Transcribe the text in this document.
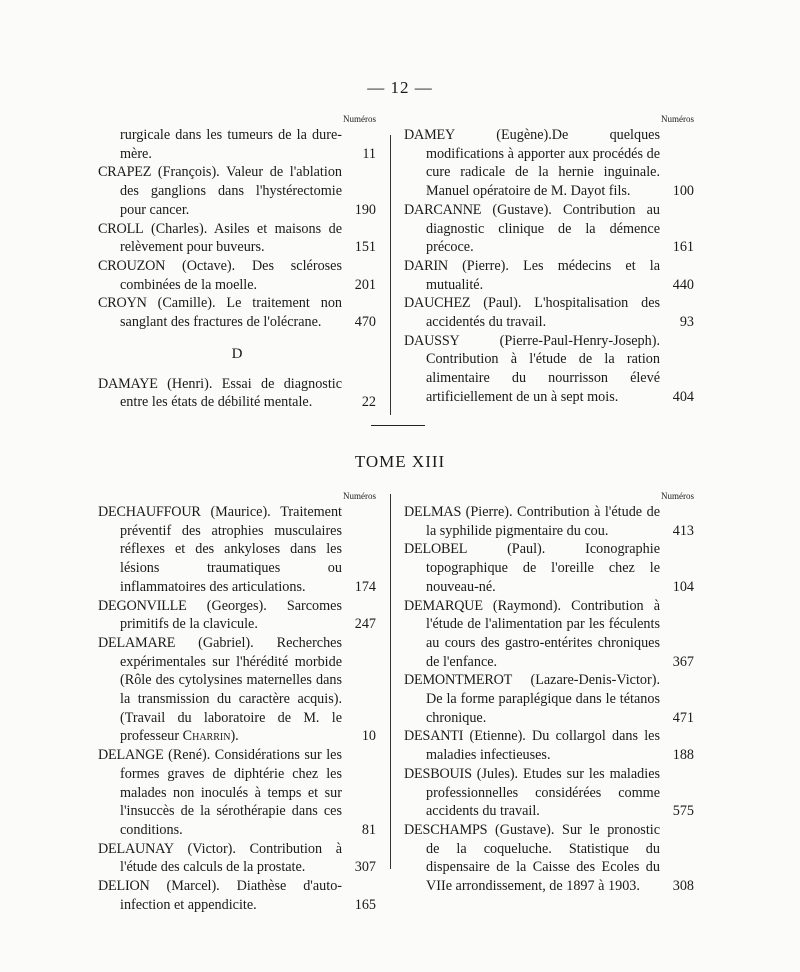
— 12 —
Numéros
rurgicale dans les tumeurs de la dure-mère.	11
CRAPEZ (François). Valeur de l'ablation des ganglions dans l'hystérectomie pour cancer.	190
CROLL (Charles). Asiles et maisons de relèvement pour buveurs.	151
CROUZON (Octave). Des scléroses combinées de la moelle.	201
CROYN (Camille). Le traitement non sanglant des fractures de l'olécrane. 470
D
DAMAYE (Henri). Essai de diagnostic entre les états de débilité mentale.	22
Numéros
DAMEY	(Eugène).De quelques modifications à apporter aux procédés de cure radicale de la hernie inguinale. Manuel opératoire de M. Dayot fils.	100
DARCANNE (Gustave). Contribution au diagnostic clinique de la démence précoce.	161
DARIN (Pierre). Les médecins et la mutualité.	440
DAUCHEZ (Paul). L'hospitalisation des accidentés du travail.	93
DAUSSY	(Pierre-Paul-Henry-Joseph). Contribution à l'étude de la ration alimentaire du nourrisson élevé artificiellement de un à sept mois.	404
TOME XIII
Numéros
DECHAUFFOUR (Maurice). Traitement préventif des atrophies musculaires réflexes et des ankyloses dans les lésions traumatiques ou inflammatoires des articulations.	174
DEGONVILLE (Georges). Sarcomes primitifs de la clavicule.	247
DELAMARE (Gabriel). Recherches expérimentales sur l'hérédité morbide (Rôle des cytolysines maternelles dans la transmission du caractère acquis). (Travail du laboratoire de M. le professeur Charrin).	10
DELANGE (René). Considérations sur les formes graves de diphtérie chez les malades non inoculés à temps et sur l'insuccès de la sérothérapie dans ces conditions.	81
DELAUNAY (Victor). Contribution à l'étude des calculs de la prostate.	307
DELION (Marcel). Diathèse d'auto-infection et appendicite.	165
Numéros
DELMAS (Pierre). Contribution à l'étude de la syphilide pigmentaire du cou.	413
DELOBEL	(Paul). Iconographie topographique de l'oreille chez le nouveau-né.	104
DEMARQUE (Raymond). Contribution à l'étude de l'alimentation par les féculents au cours des gastro-entérites chroniques de l'enfance.	367
DEMONTMEROT (Lazare-Denis-Victor). De la forme paraplégique dans le tétanos chronique.	471
DESANTI (Etienne). Du collargol dans les maladies infectieuses.	188
DESBOUIS (Jules). Etudes sur les maladies professionnelles considérées comme accidents du travail.	575
DESCHAMPS (Gustave). Sur le pronostic de la coqueluche. Statistique du dispensaire de la Caisse des Ecoles du VIIe arrondissement, de 1897 à 1903. 308
